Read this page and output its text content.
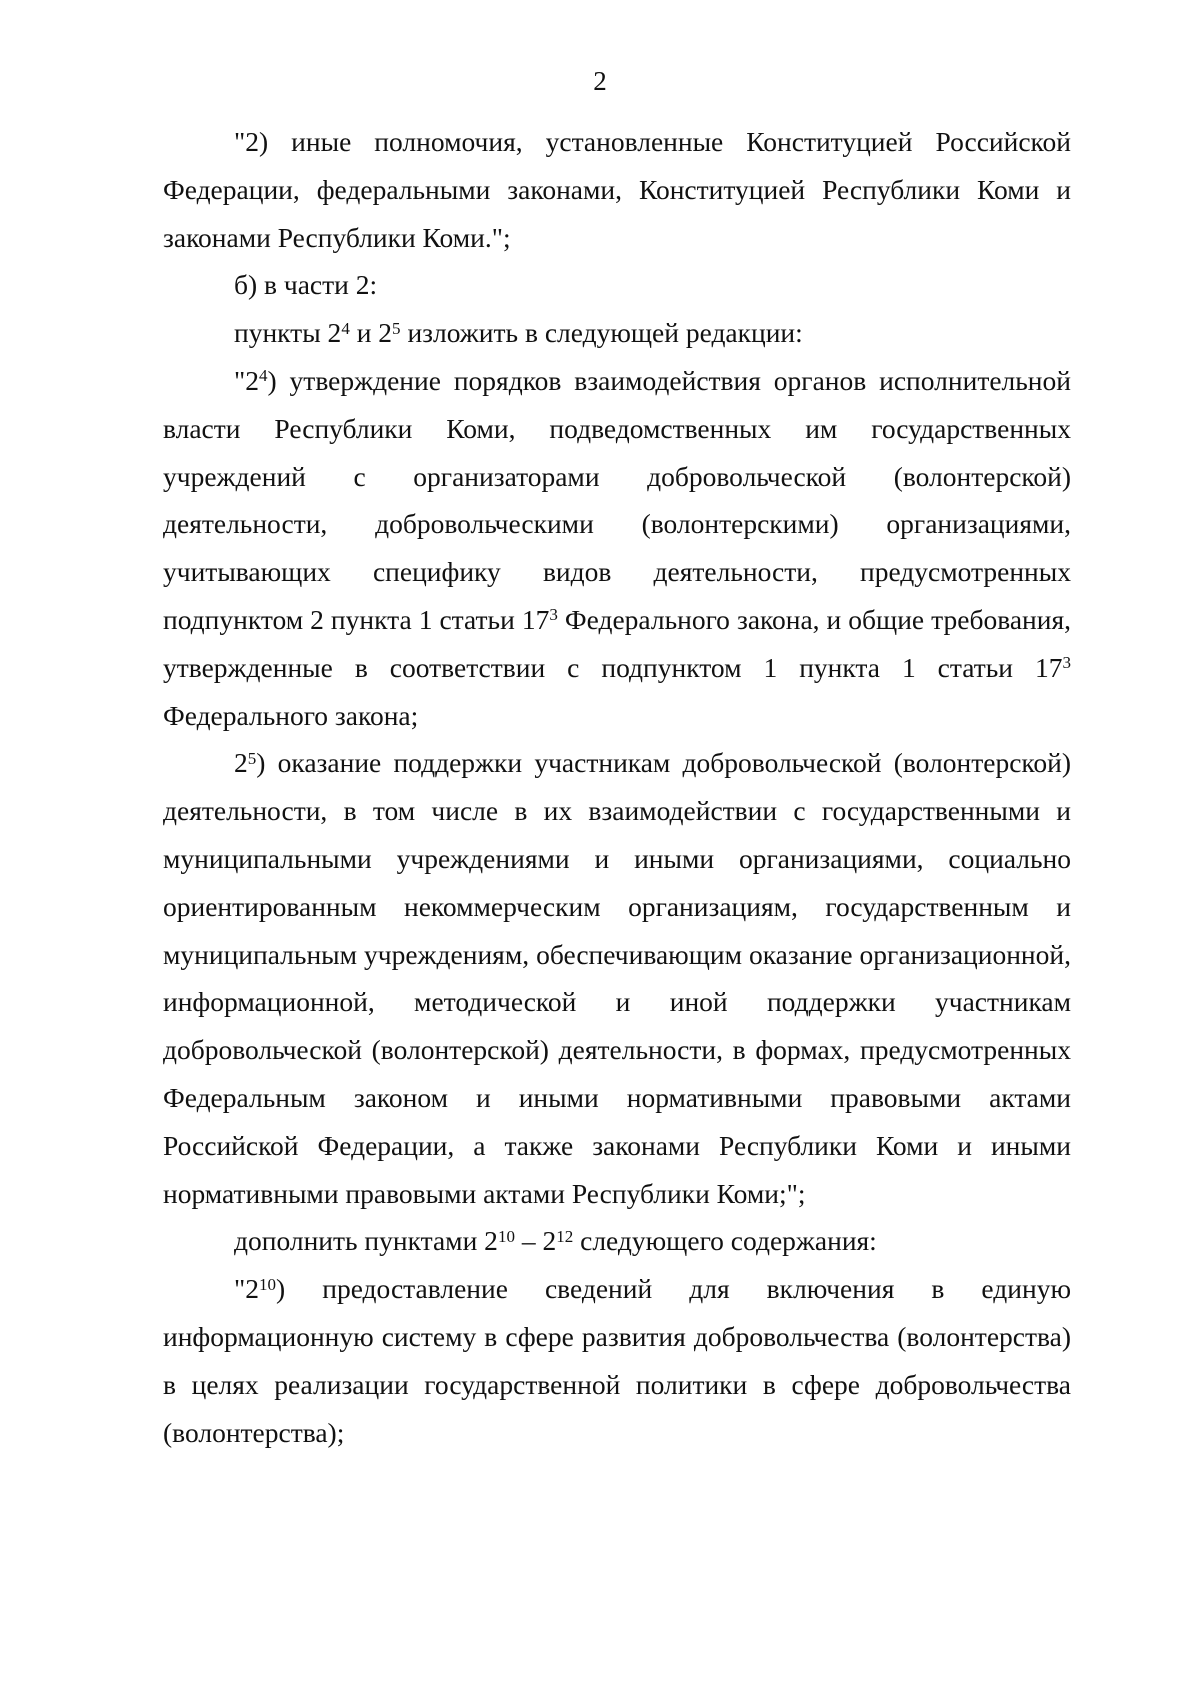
2

"2) иные полномочия, установленные Конституцией Российской Федерации, федеральными законами, Конституцией Республики Коми и законами Республики Коми.";

б) в части 2:

пункты $2^4$ и $2^5$ изложить в следующей редакции:

"$2^4$) утверждение порядков взаимодействия органов исполнительной власти Республики Коми, подведомственных им государственных учреждений с организаторами добровольческой (волонтерской) деятельности, добровольческими (волонтерскими) организациями, учитывающих специфику видов деятельности, предусмотренных подпунктом 2 пункта 1 статьи $17^3$ Федерального закона, и общие требования, утвержденные в соответствии с подпунктом 1 пункта 1 статьи $17^3$ Федерального закона;

$2^5$) оказание поддержки участникам добровольческой (волонтерской) деятельности, в том числе в их взаимодействии с государственными и муниципальными учреждениями и иными организациями, социально ориентированным некоммерческим организациям, государственным и муниципальным учреждениям, обеспечивающим оказание организационной, информационной, методической и иной поддержки участникам добровольческой (волонтерской) деятельности, в формах, предусмотренных Федеральным законом и иными нормативными правовыми актами Российской Федерации, а также законами Республики Коми и иными нормативными правовыми актами Республики Коми;";

дополнить пунктами $2^{10} - 2^{12}$ следующего содержания:

"$2^{10}$) предоставление сведений для включения в единую информационную систему в сфере развития добровольчества (волонтерства) в целях реализации государственной политики в сфере добровольчества (волонтерства);
